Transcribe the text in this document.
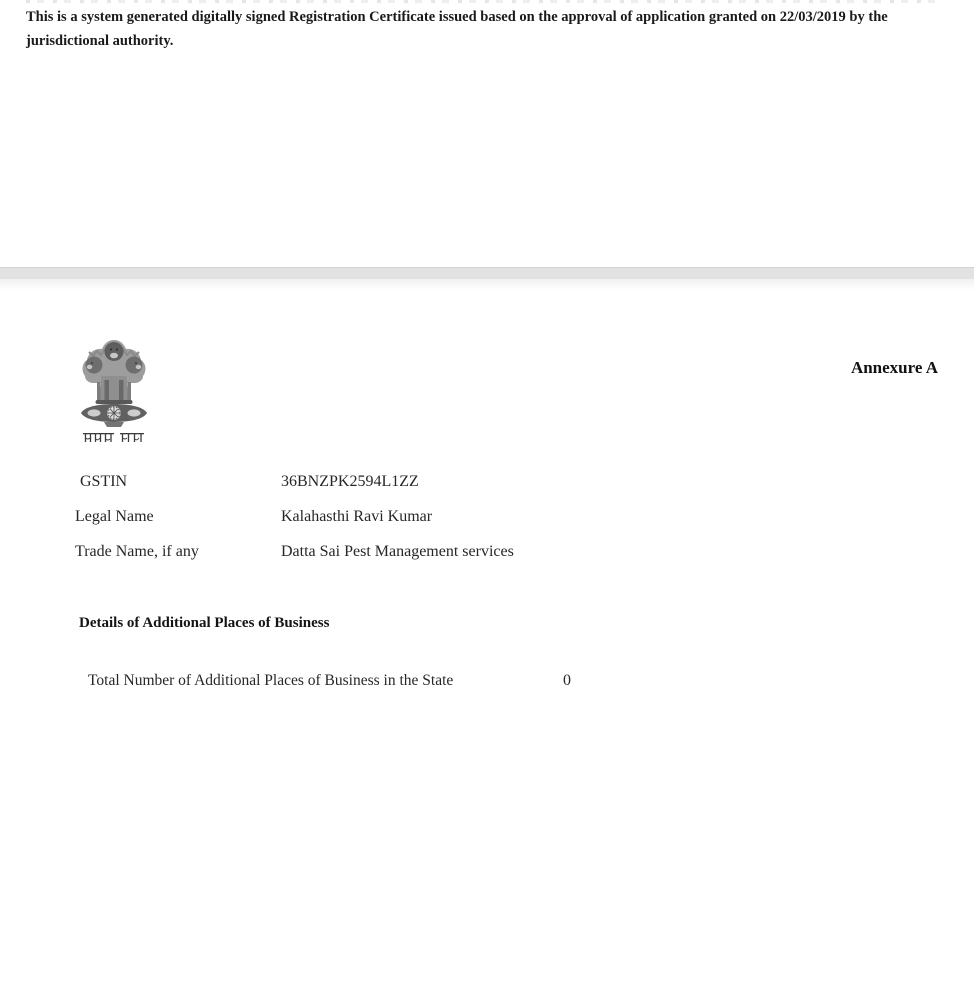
This is a system generated digitally signed Registration Certificate issued based on the approval of application granted on 22/03/2019 by the jurisdictional authority.

Annexure A
GSTIN	36BNZPK2594L1ZZ
Legal Name	Kalahasthi Ravi Kumar
Trade Name, if any	Datta Sai Pest Management services
Details of Additional Places of Business
Total Number of Additional Places of Business in the State	0
